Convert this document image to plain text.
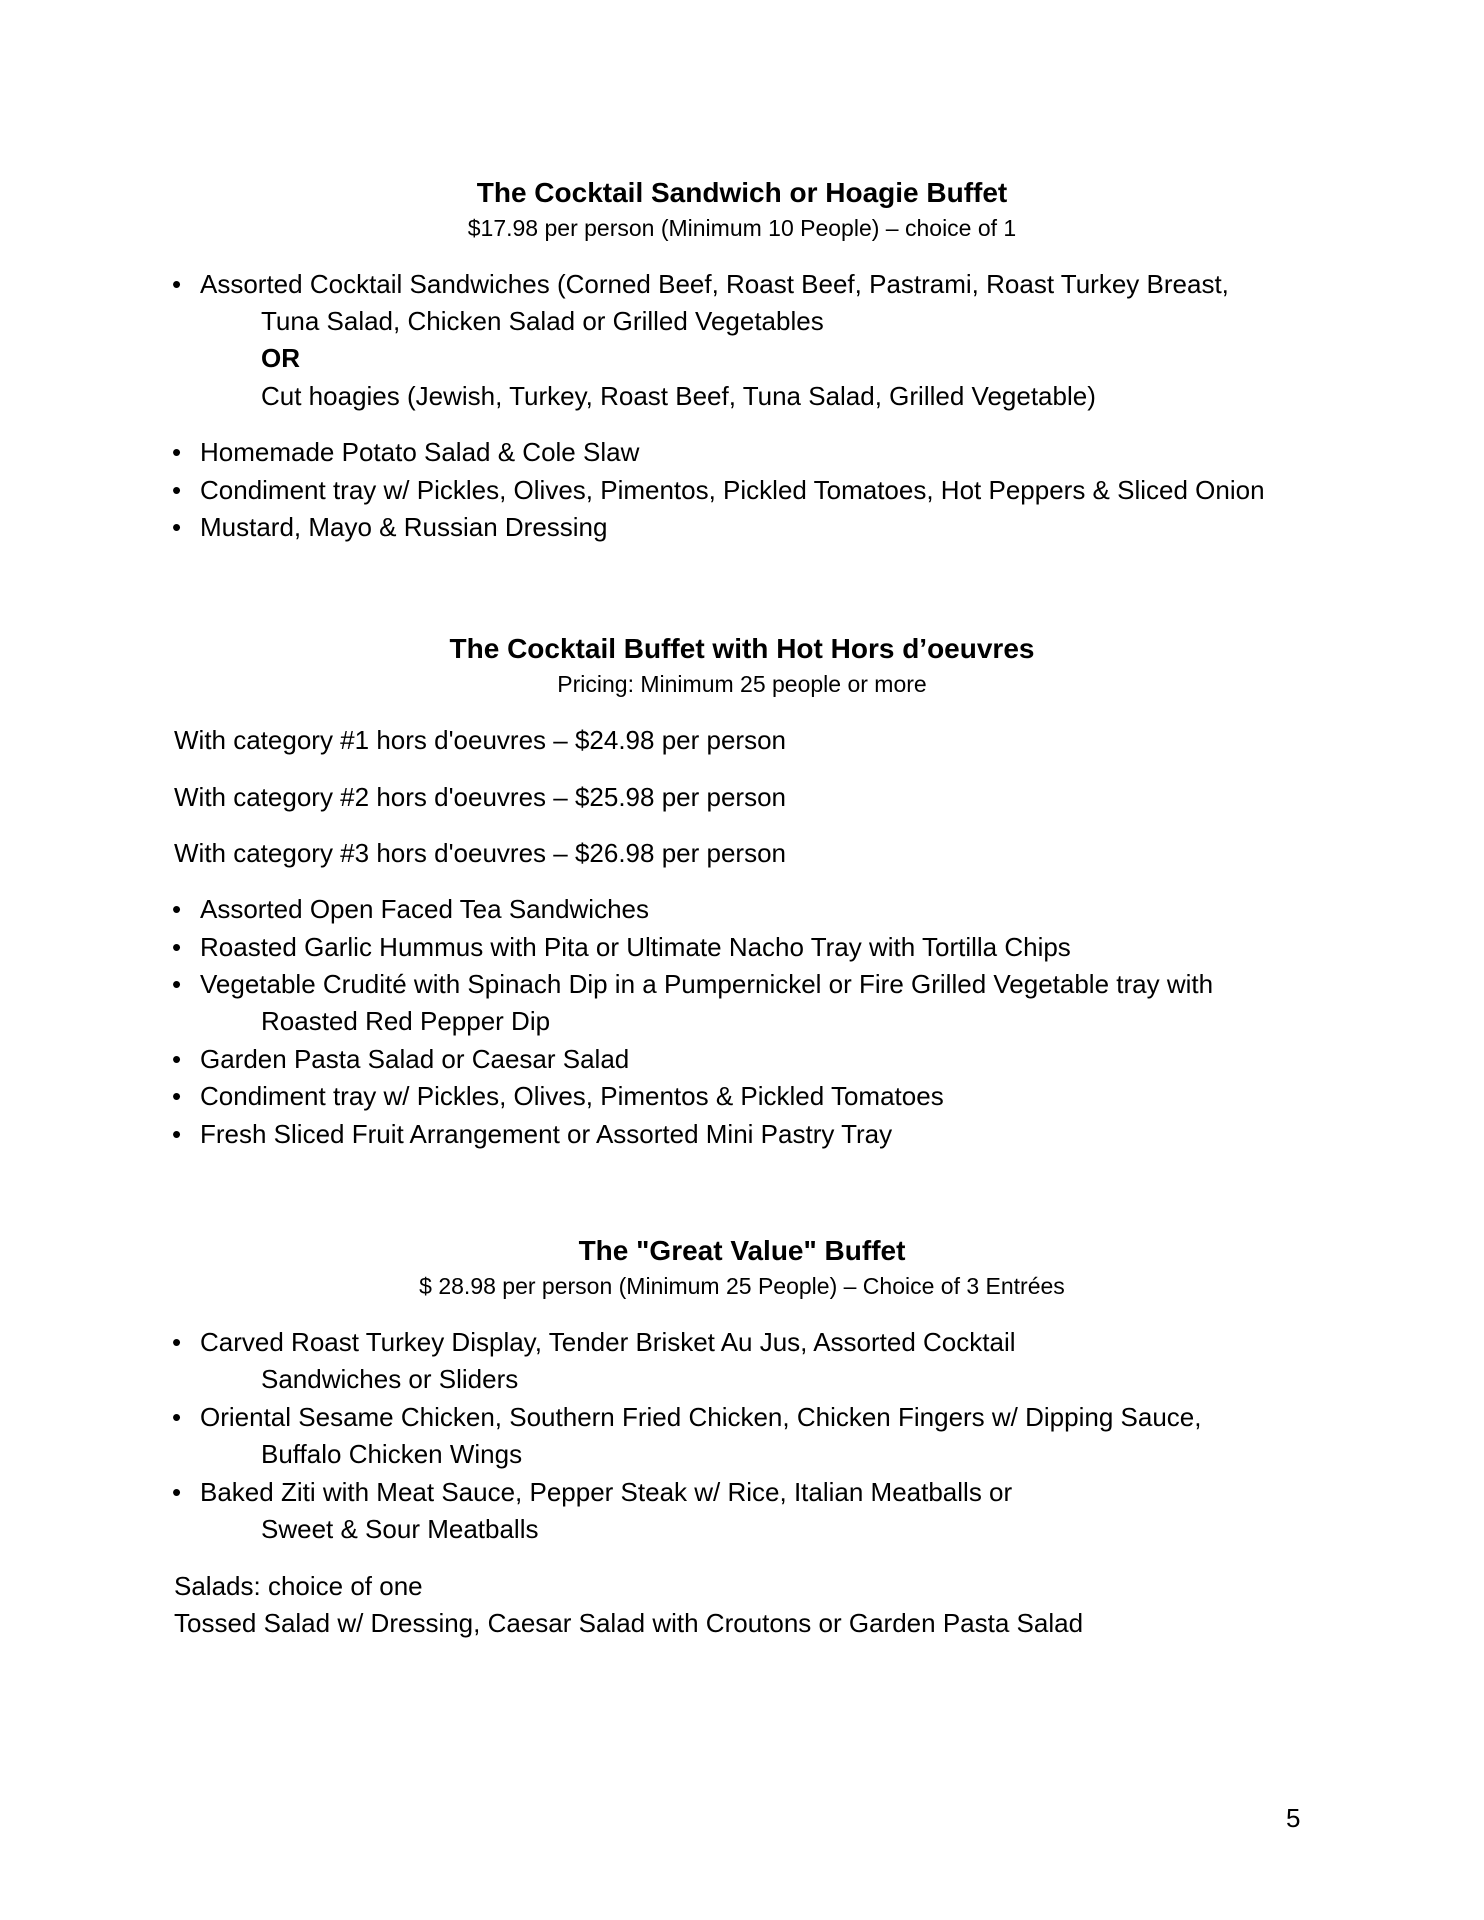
The Cocktail Sandwich or Hoagie Buffet
$17.98 per person (Minimum 10 People) – choice of 1
• Assorted Cocktail Sandwiches (Corned Beef, Roast Beef, Pastrami, Roast Turkey Breast,
Tuna Salad, Chicken Salad or Grilled Vegetables
OR
Cut hoagies (Jewish, Turkey, Roast Beef, Tuna Salad, Grilled Vegetable)
• Homemade Potato Salad & Cole Slaw
• Condiment tray w/ Pickles, Olives, Pimentos, Pickled Tomatoes, Hot Peppers & Sliced Onion
• Mustard, Mayo & Russian Dressing
The Cocktail Buffet with Hot Hors d’oeuvres
Pricing: Minimum 25 people or more
With category #1 hors d'oeuvres – $24.98 per person
With category #2 hors d'oeuvres – $25.98 per person
With category #3 hors d'oeuvres – $26.98 per person
• Assorted Open Faced Tea Sandwiches
• Roasted Garlic Hummus with Pita or Ultimate Nacho Tray with Tortilla Chips
• Vegetable Crudité with Spinach Dip in a Pumpernickel or Fire Grilled Vegetable tray with
Roasted Red Pepper Dip
• Garden Pasta Salad or Caesar Salad
• Condiment tray w/ Pickles, Olives, Pimentos & Pickled Tomatoes
• Fresh Sliced Fruit Arrangement or Assorted Mini Pastry Tray
The "Great Value" Buffet
$ 28.98 per person (Minimum 25 People) – Choice of 3 Entrées
• Carved Roast Turkey Display, Tender Brisket Au Jus, Assorted Cocktail
Sandwiches or Sliders
• Oriental Sesame Chicken, Southern Fried Chicken, Chicken Fingers w/ Dipping Sauce,
Buffalo Chicken Wings
• Baked Ziti with Meat Sauce, Pepper Steak w/ Rice, Italian Meatballs or
Sweet & Sour Meatballs
Salads: choice of one
Tossed Salad w/ Dressing, Caesar Salad with Croutons or Garden Pasta Salad
5
